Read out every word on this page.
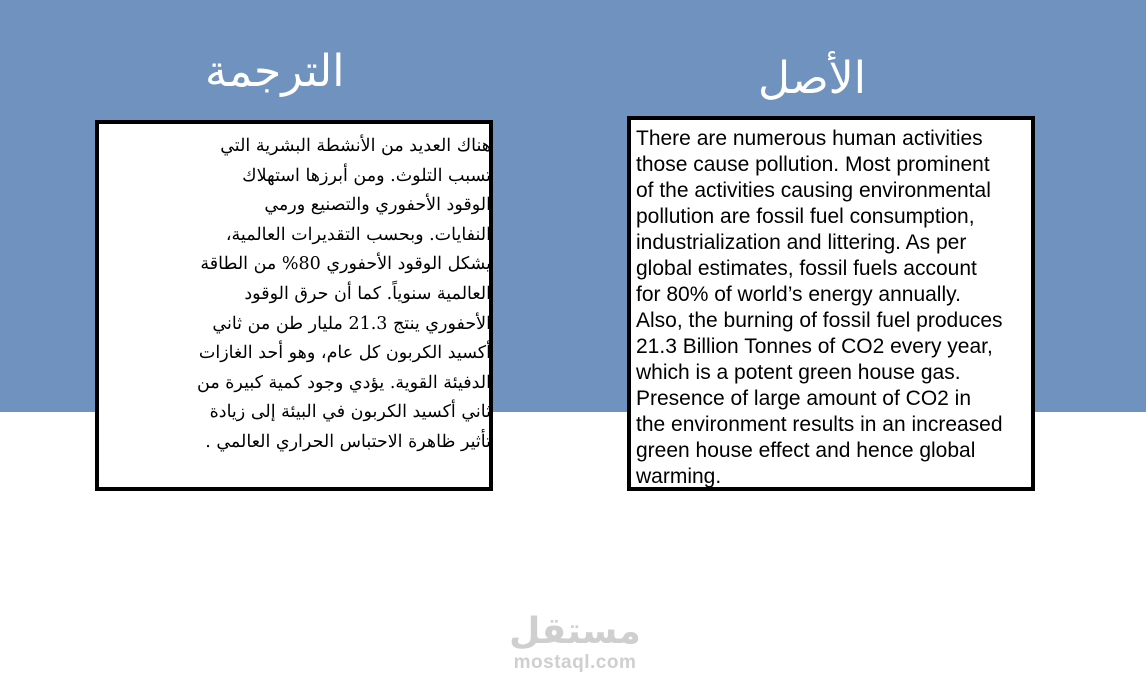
الترجمة	الأصل
هناك العديد من الأنشطة البشرية التي
تسبب التلوث. ومن أبرزها استهلاك
الوقود الأحفوري والتصنيع ورمي
النفايات. وبحسب التقديرات العالمية،
يشكل الوقود الأحفوري 80% من الطاقة
العالمية سنوياً. كما أن حرق الوقود
الأحفوري ينتج 21.3 مليار طن من ثاني
أكسيد الكربون كل عام، وهو أحد الغازات
الدفيئة القوية. يؤدي وجود كمية كبيرة من
ثاني أكسيد الكربون في البيئة إلى زيادة
تأثير ظاهرة الاحتباس الحراري العالمي .
There are numerous human activities
those cause pollution. Most prominent
of the activities causing environmental
pollution are fossil fuel consumption,
industrialization and littering. As per
global estimates, fossil fuels account
for 80% of world’s energy annually.
Also, the burning of fossil fuel produces
21.3 Billion Tonnes of CO2 every year,
which is a potent green house gas.
Presence of large amount of CO2 in
the environment results in an increased
green house effect and hence global
warming.
مستقل
mostaql.com
